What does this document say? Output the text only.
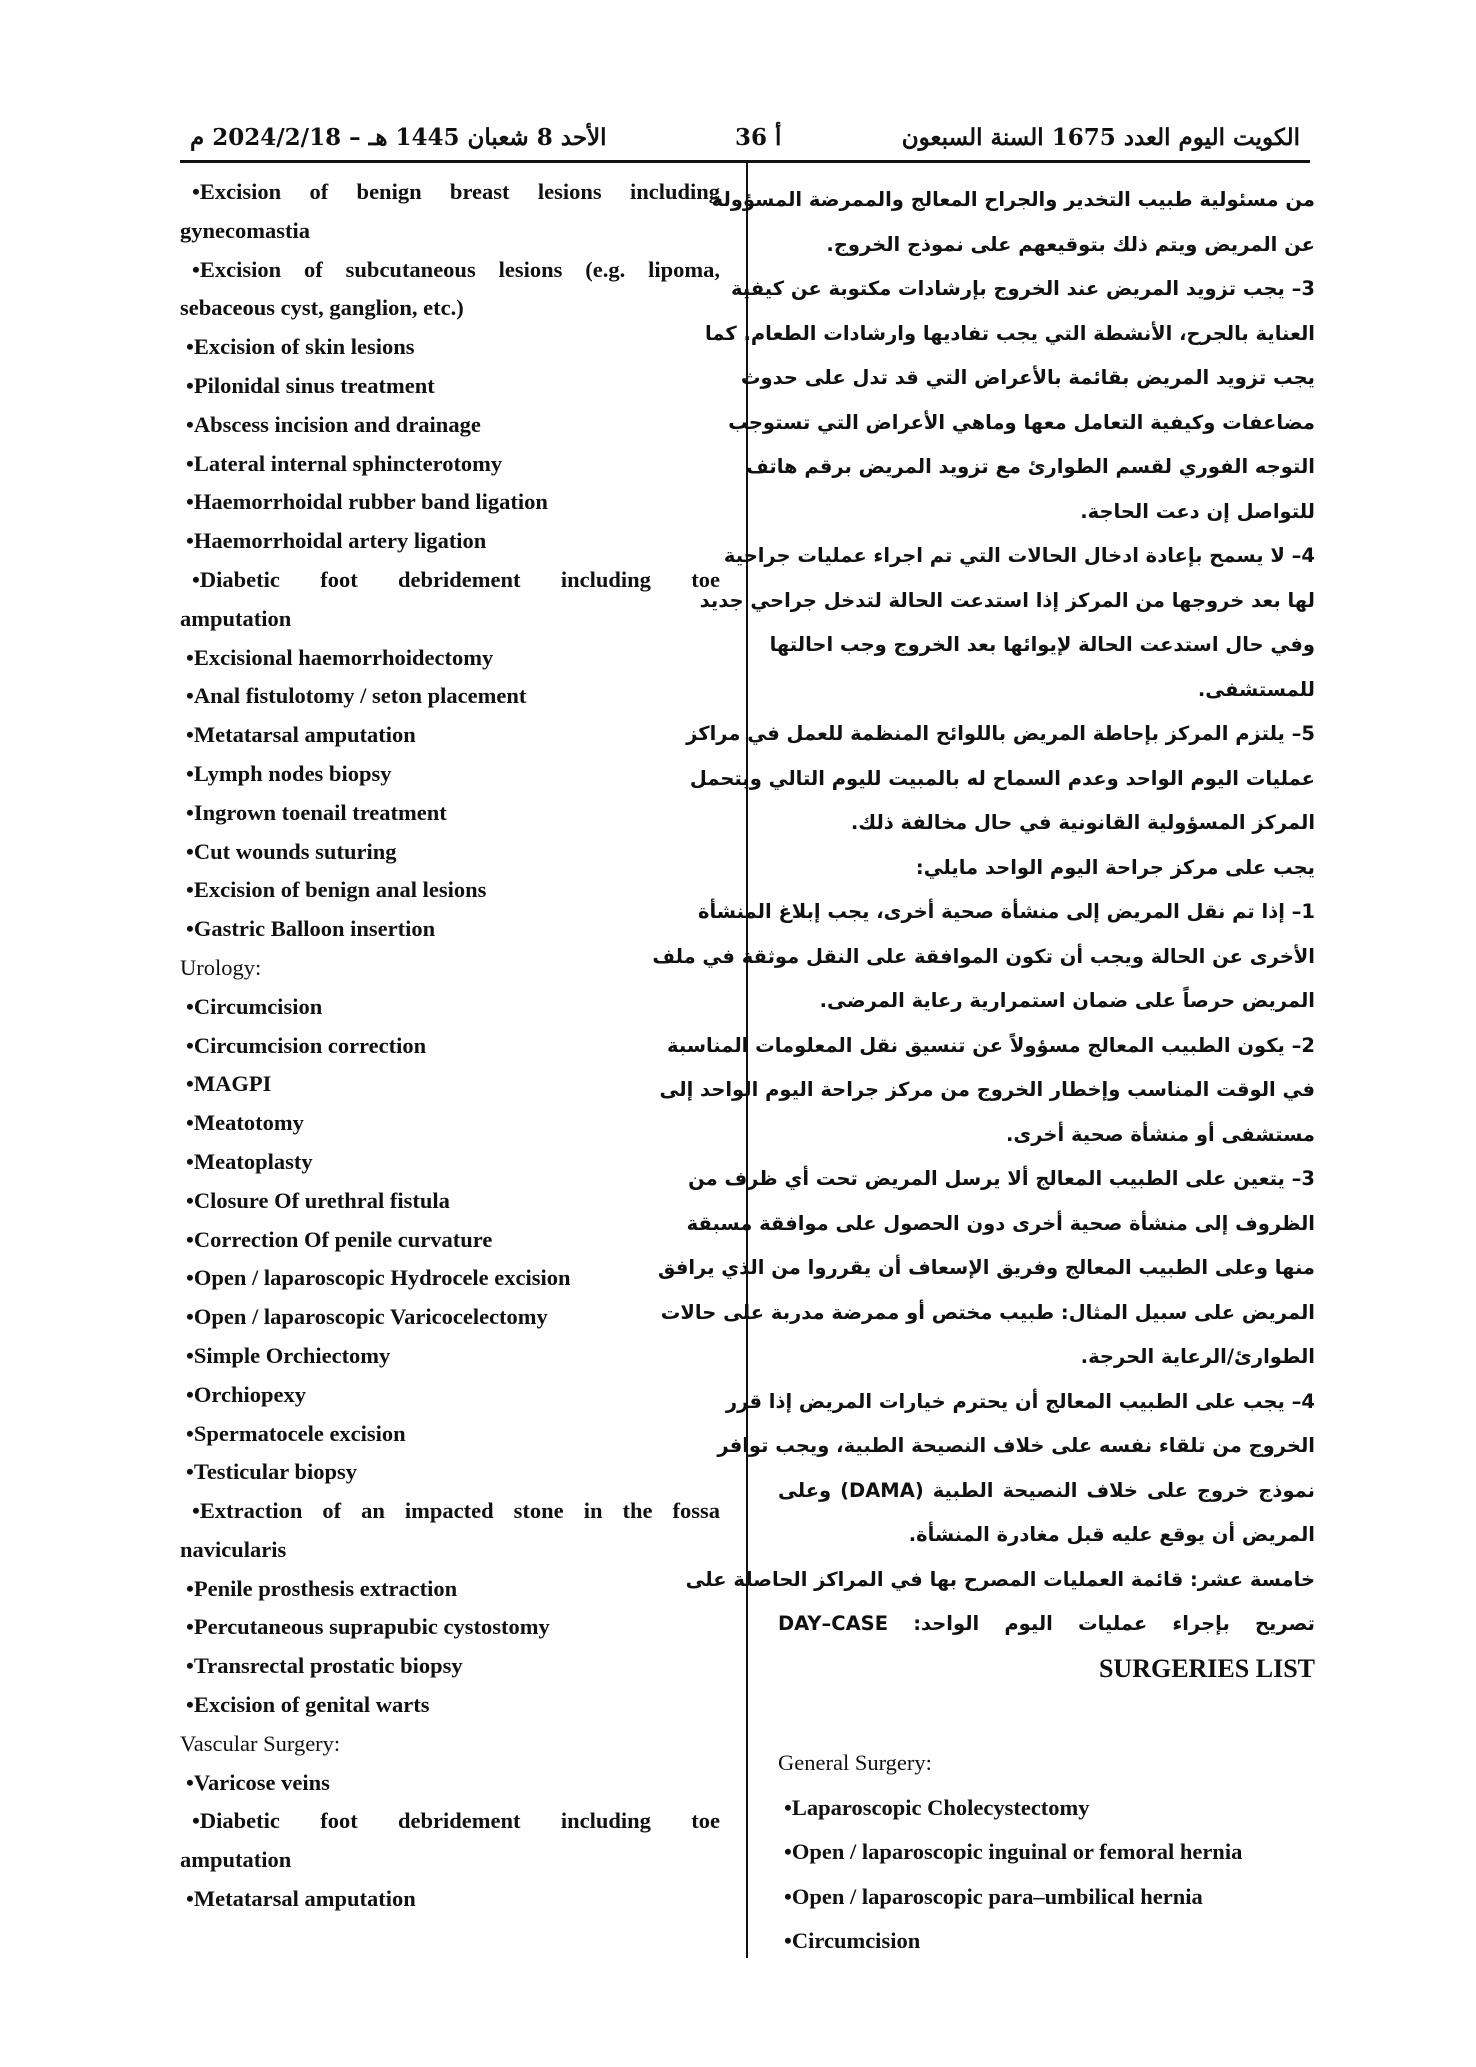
الكويت اليوم العدد 1675 السنة السبعون
أ 36
الأحد 8 شعبان 1445 هـ – 2024/2/18 م
•Excision of benign breast lesions including
gynecomastia
•Excision of subcutaneous lesions (e.g. lipoma,
sebaceous cyst, ganglion, etc.)
•Excision of skin lesions
•Pilonidal sinus treatment
•Abscess incision and drainage
•Lateral internal sphincterotomy
•Haemorrhoidal rubber band ligation
•Haemorrhoidal artery ligation
•Diabetic foot debridement including toe
amputation
•Excisional haemorrhoidectomy
•Anal fistulotomy / seton placement
•Metatarsal amputation
•Lymph nodes biopsy
•Ingrown toenail treatment
•Cut wounds suturing
•Excision of benign anal lesions
•Gastric Balloon insertion
Urology:
•Circumcision
•Circumcision correction
•MAGPI
•Meatotomy
•Meatoplasty
•Closure Of urethral fistula
•Correction Of penile curvature
•Open / laparoscopic Hydrocele excision
•Open / laparoscopic Varicocelectomy
•Simple Orchiectomy
•Orchiopexy
•Spermatocele excision
•Testicular biopsy
•Extraction of an impacted stone in the fossa
navicularis
•Penile prosthesis extraction
•Percutaneous suprapubic cystostomy
•Transrectal prostatic biopsy
•Excision of genital warts
Vascular Surgery:
•Varicose veins
•Diabetic foot debridement including toe
amputation
•Metatarsal amputation
من مسئولية طبيب التخدير والجراح المعالج والممرضة المسؤولة
عن المريض ويتم ذلك بتوقيعهم على نموذج الخروج.
3– يجب تزويد المريض عند الخروج بإرشادات مكتوبة عن كيفية
العناية بالجرح، الأنشطة التي يجب تفاديها وارشادات الطعام. كما
يجب تزويد المريض بقائمة بالأعراض التي قد تدل على حدوث
مضاعفات وكيفية التعامل معها وماهي الأعراض التي تستوجب
التوجه الفوري لقسم الطوارئ مع تزويد المريض برقم هاتف
للتواصل إن دعت الحاجة.
4– لا يسمح بإعادة ادخال الحالات التي تم اجراء عمليات جراحية
لها بعد خروجها من المركز إذا استدعت الحالة لتدخل جراحي جديد
وفي حال استدعت الحالة لإيوائها بعد الخروج وجب احالتها
للمستشفى.
5– يلتزم المركز بإحاطة المريض باللوائح المنظمة للعمل في مراكز
عمليات اليوم الواحد وعدم السماح له بالمبيت لليوم التالي ويتحمل
المركز المسؤولية القانونية في حال مخالفة ذلك.
يجب على مركز جراحة اليوم الواحد مايلي:
1– إذا تم نقل المريض إلى منشأة صحية أخرى، يجب إبلاغ المنشأة
الأخرى عن الحالة ويجب أن تكون الموافقة على النقل موثقة في ملف
المريض حرصاً على ضمان استمرارية رعاية المرضى.
2– يكون الطبيب المعالج مسؤولاً عن تنسيق نقل المعلومات المناسبة
في الوقت المناسب وإخطار الخروج من مركز جراحة اليوم الواحد إلى
مستشفى أو منشأة صحية أخرى.
3– يتعين على الطبيب المعالج ألا يرسل المريض تحت أي ظرف من
الظروف إلى منشأة صحية أخرى دون الحصول على موافقة مسبقة
منها وعلى الطبيب المعالج وفريق الإسعاف أن يقرروا من الذي يرافق
المريض على سبيل المثال: طبيب مختص أو ممرضة مدربة على حالات
الطوارئ/الرعاية الحرجة.
4– يجب على الطبيب المعالج أن يحترم خيارات المريض إذا قرر
الخروج من تلقاء نفسه على خلاف النصيحة الطبية، ويجب توافر
نموذج خروج على خلاف النصيحة الطبية (DAMA) وعلى
المريض أن يوقع عليه قبل مغادرة المنشأة.
خامسة عشر: قائمة العمليات المصرح بها في المراكز الحاصلة على
تصريح بإجراء عمليات اليوم الواحد: DAY–CASE
SURGERIES LIST
General Surgery:
•Laparoscopic Cholecystectomy
•Open / laparoscopic inguinal or femoral hernia
•Open / laparoscopic para–umbilical hernia
•Circumcision
